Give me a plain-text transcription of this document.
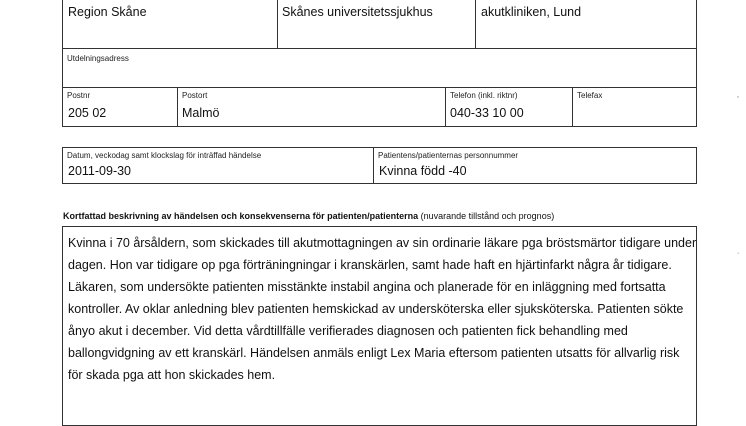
Region Skåne	Skånes universitetssjukhus	akutkliniken, Lund
Utdelningsadress
Postnr
205 02
Postort
Malmö
Telefon (inkl. riktnr)
040-33 10 00
Telefax
Datum, veckodag samt klockslag för inträffad händelse
2011-09-30
Patientens/patienternas personnummer
Kvinna född -40
Kortfattad beskrivning av händelsen och konsekvenserna för patienten/patienterna (nuvarande tillstånd och prognos)
Kvinna i 70 årsåldern, som skickades till akutmottagningen av sin ordinarie läkare pga bröstsmärtor tidigare under
dagen. Hon var tidigare op pga förträningningar i kranskärlen, samt hade haft en hjärtinfarkt några år tidigare.
Läkaren, som undersökte patienten misstänkte instabil angina och planerade för en inläggning med fortsatta
kontroller. Av oklar anledning blev patienten hemskickad av undersköterska eller sjuksköterska. Patienten sökte
ånyo akut i december. Vid detta vårdtillfälle verifierades diagnosen och patienten fick behandling med
ballongvidgning av ett kranskärl. Händelsen anmäls enligt Lex Maria eftersom patienten utsatts för allvarlig risk
för skada pga att hon skickades hem.
,
·
